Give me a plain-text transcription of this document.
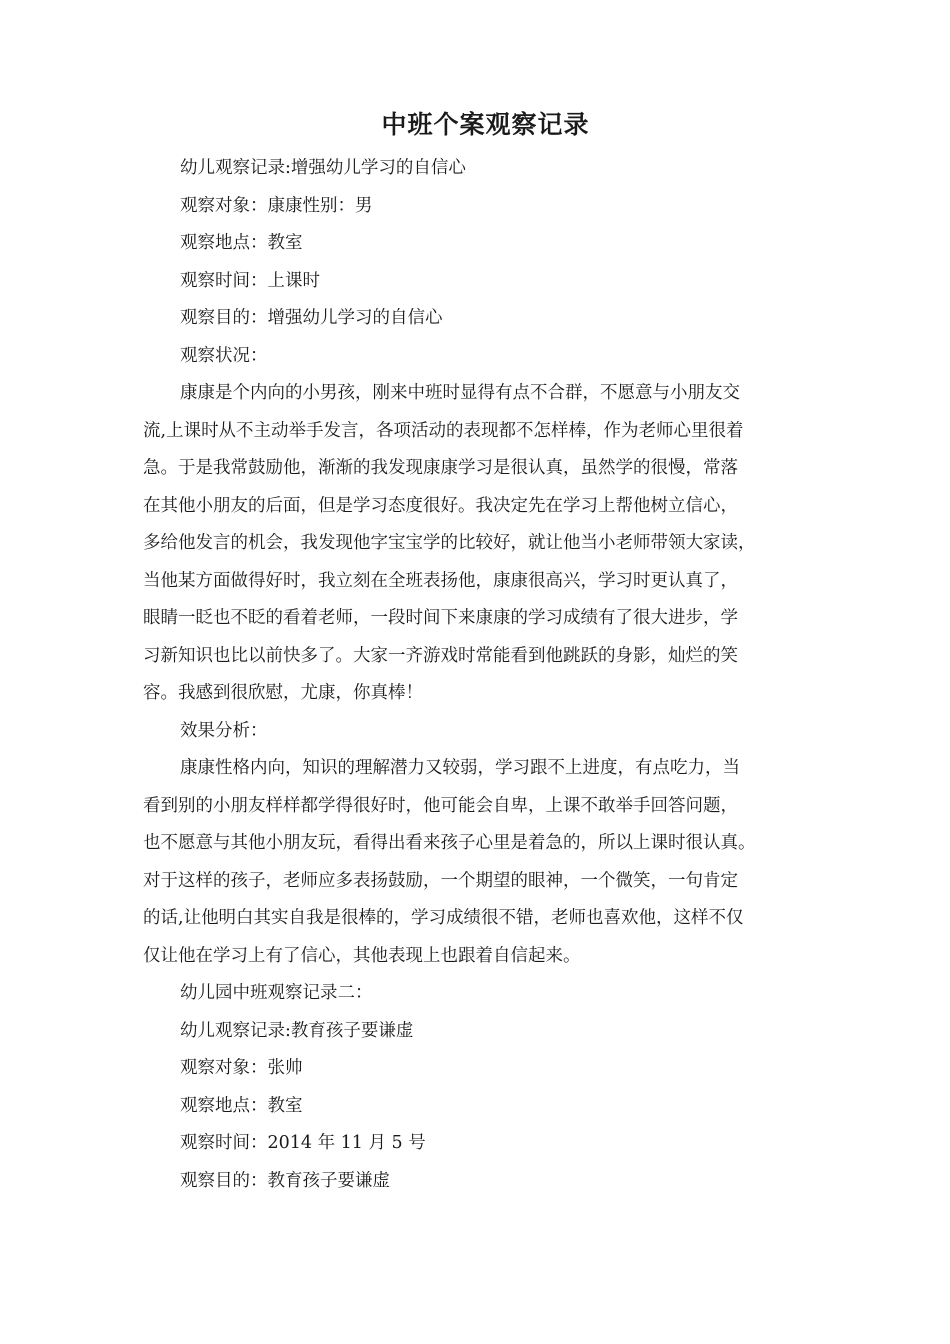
中班个案观察记录

幼儿观察记录:增强幼儿学习的自信心

观察对象：康康性别：男

观察地点：教室

观察时间：上课时

观察目的：增强幼儿学习的自信心

观察状况：

康康是个内向的小男孩，刚来中班时显得有点不合群，不愿意与小朋友交
流,上课时从不主动举手发言，各项活动的表现都不怎样棒，作为老师心里很着
急。于是我常鼓励他，渐渐的我发现康康学习是很认真，虽然学的很慢，常落
在其他小朋友的后面，但是学习态度很好。我决定先在学习上帮他树立信心，
多给他发言的机会，我发现他字宝宝学的比较好，就让他当小老师带领大家读，
当他某方面做得好时，我立刻在全班表扬他，康康很高兴，学习时更认真了，
眼睛一眨也不眨的看着老师，一段时间下来康康的学习成绩有了很大进步，学
习新知识也比以前快多了。大家一齐游戏时常能看到他跳跃的身影，灿烂的笑
容。我感到很欣慰，尤康，你真棒！

效果分析：

康康性格内向，知识的理解潜力又较弱，学习跟不上进度，有点吃力，当
看到别的小朋友样样都学得很好时，他可能会自卑，上课不敢举手回答问题，
也不愿意与其他小朋友玩，看得出看来孩子心里是着急的，所以上课时很认真。
对于这样的孩子，老师应多表扬鼓励，一个期望的眼神，一个微笑，一句肯定
的话,让他明白其实自我是很棒的，学习成绩很不错，老师也喜欢他，这样不仅
仅让他在学习上有了信心，其他表现上也跟着自信起来。

幼儿园中班观察记录二：

幼儿观察记录:教育孩子要谦虚

观察对象：张帅

观察地点：教室

观察时间：2014 年 11 月 5 号

观察目的：教育孩子要谦虚
